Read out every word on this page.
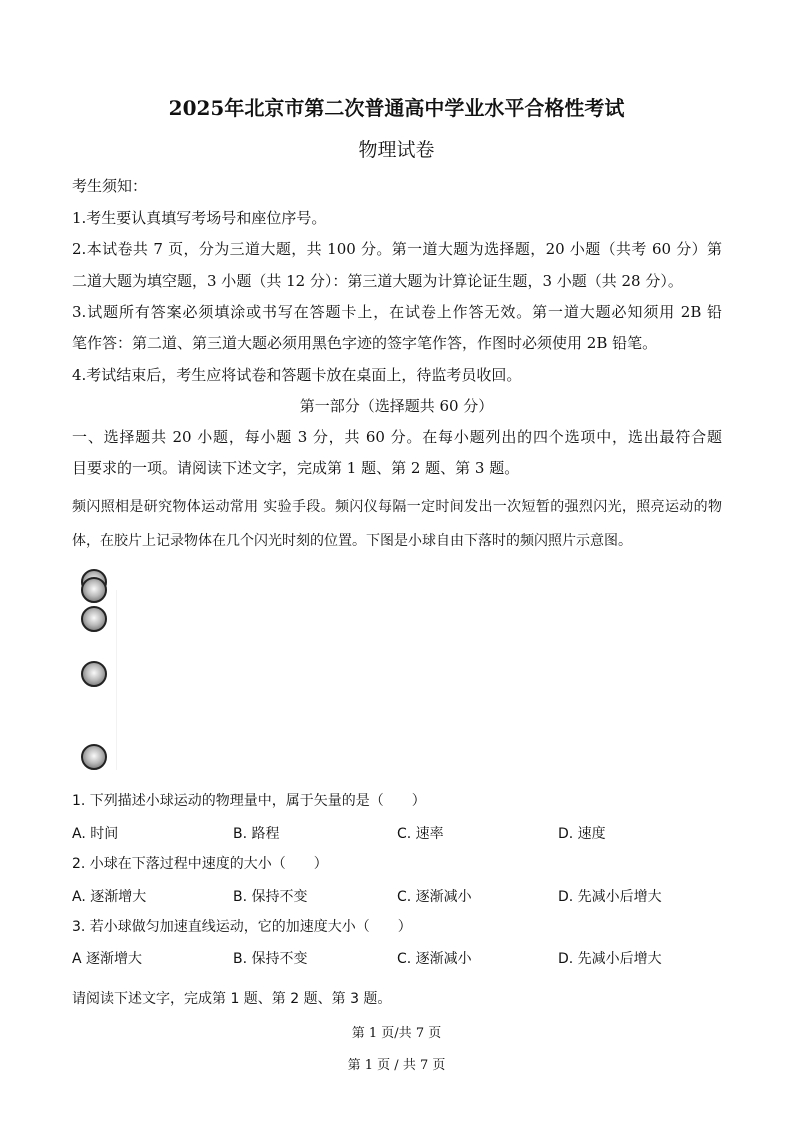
2025年北京市第二次普通高中学业水平合格性考试
物理试卷
考生须知：
1.考生要认真填写考场号和座位序号。
2.本试卷共 7 页，分为三道大题，共 100 分。第一道大题为选择题，20 小题（共考 60 分）第
二道大题为填空题，3 小题（共 12 分）：第三道大题为计算论证生题，3 小题（共 28 分）。
3.试题所有答案必须填涂或书写在答题卡上，在试卷上作答无效。第一道大题必知须用 2B 铅
笔作答：第二道、第三道大题必须用黑色字迹的签字笔作答，作图时必须使用 2B 铅笔。
4.考试结束后，考生应将试卷和答题卡放在桌面上，待监考员收回。
第一部分（选择题共 60 分）
一、选择题共 20 小题，每小题 3 分，共 60 分。在每小题列出的四个选项中，选出最符合题
目要求的一项。请阅读下述文字，完成第 1 题、第 2 题、第 3 题。
频闪照相是研究物体运动常用 实验手段。频闪仪每隔一定时间发出一次短暂的强烈闪光，照亮运动的物
体，在胶片上记录物体在几个闪光时刻的位置。下图是小球自由下落时的频闪照片示意图。
1. 下列描述小球运动的物理量中，属于矢量的是（　　）
A. 时间	B. 路程	C. 速率	D. 速度
2. 小球在下落过程中速度的大小（　　）
A. 逐渐增大	B. 保持不变	C. 逐渐减小	D. 先减小后增大
3. 若小球做匀加速直线运动，它的加速度大小（　　）
A 逐渐增大	B. 保持不变	C. 逐渐减小	D. 先减小后增大
请阅读下述文字，完成第 1 题、第 2 题、第 3 题。
第 1 页/共 7 页
第 1 页 / 共 7 页
